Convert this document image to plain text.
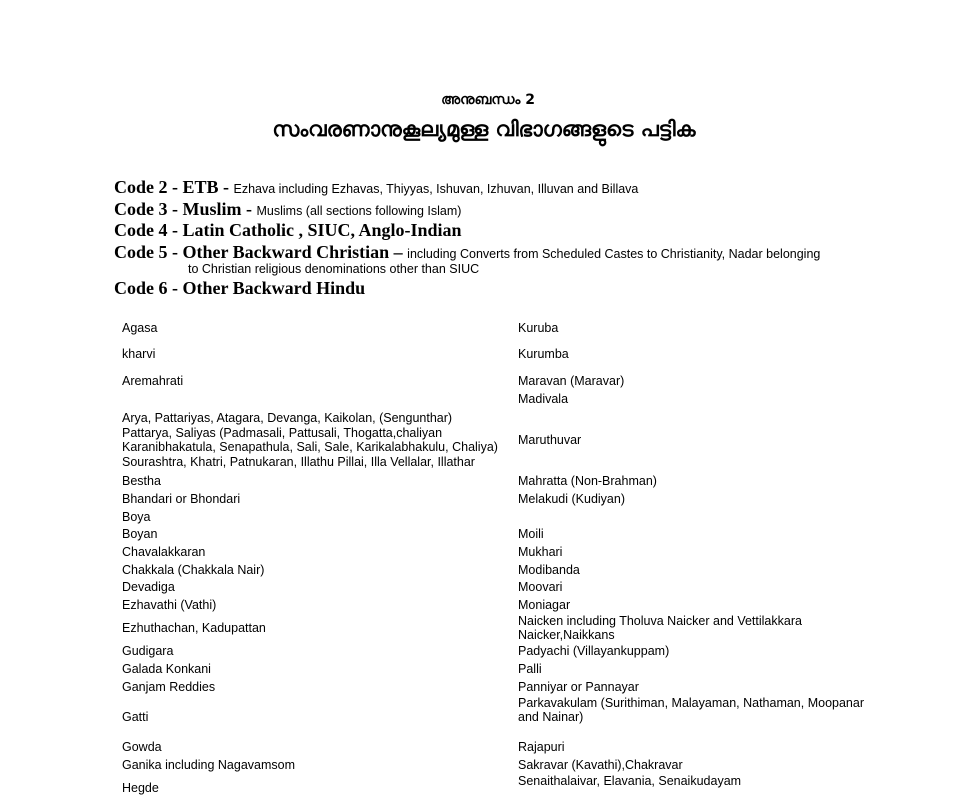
അനുബന്ധം 2
സംവരണാനുകൂല്യമുള്ള വിഭാഗങ്ങളുടെ പട്ടിക
Code 2 - ETB - Ezhava including Ezhavas, Thiyyas, Ishuvan, Izhuvan, Illuvan and Billava
Code 3 - Muslim - Muslims (all sections following Islam)
Code 4 - Latin Catholic , SIUC, Anglo-Indian
Code 5 - Other Backward Christian – including Converts from Scheduled Castes to Christianity, Nadar belonging
to Christian religious denominations other than SIUC
Code 6 - Other Backward Hindu
Agasa
kharvi
Aremahrati
Arya, Pattariyas, Atagara, Devanga, Kaikolan, (Sengunthar)
Pattarya, Saliyas (Padmasali, Pattusali, Thogatta,chaliyan
Karanibhakatula, Senapathula, Sali, Sale, Karikalabhakulu, Chaliya)
Sourashtra, Khatri, Patnukaran, Illathu Pillai, Illa Vellalar, Illathar
Bestha
Bhandari or Bhondari
Boya
Boyan
Chavalakkaran
Chakkala (Chakkala Nair)
Devadiga
Ezhavathi (Vathi)
Ezhuthachan, Kadupattan
Gudigara
Galada Konkani
Ganjam Reddies
Gatti
Gowda
Ganika including Nagavamsom
Hegde
Kuruba
Kurumba
Maravan (Maravar)
Madivala
Maruthuvar
Mahratta (Non-Brahman)
Melakudi (Kudiyan)
Moili
Mukhari
Modibanda
Moovari
Moniagar
Naicken including Tholuva Naicker and Vettilakkara
Naicker,Naikkans
Padyachi (Villayankuppam)
Palli
Panniyar or Pannayar
Parkavakulam (Surithiman, Malayaman, Nathaman, Moopanar
and Nainar)
Rajapuri
Sakravar (Kavathi),Chakravar
Senaithalaivar, Elavania, Senaikudayam
